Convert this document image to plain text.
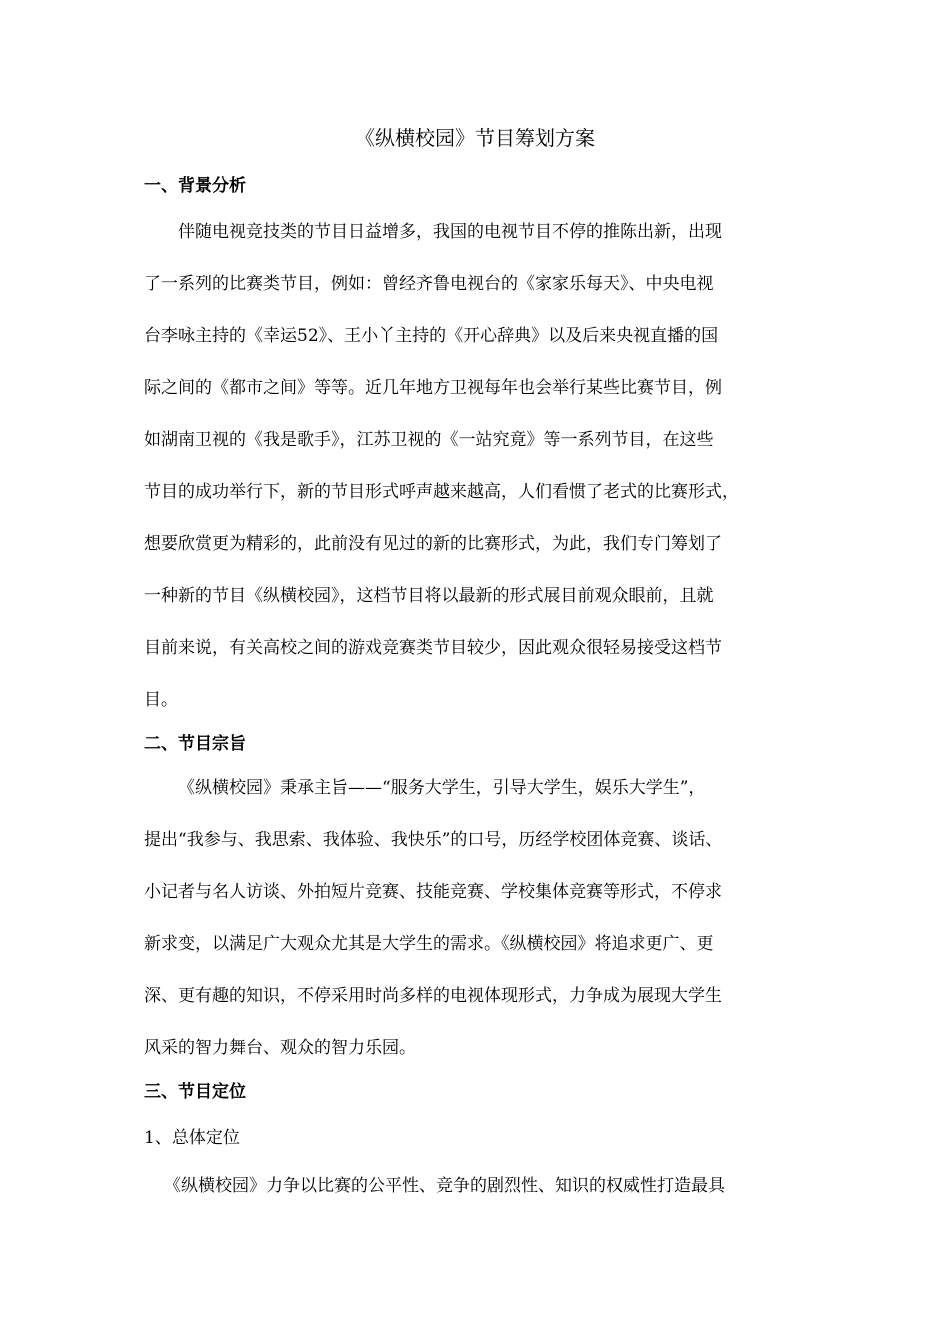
《纵横校园》节目筹划方案
一、背景分析
伴随电视竞技类的节目日益增多，我国的电视节目不停的推陈出新，出现
了一系列的比赛类节目，例如：曾经齐鲁电视台的《家家乐每天》、中央电视
台李咏主持的《幸运52》、王小丫主持的《开心辞典》以及后来央视直播的国
际之间的《都市之间》等等。近几年地方卫视每年也会举行某些比赛节目，例
如湖南卫视的《我是歌手》，江苏卫视的《一站究竟》等一系列节目，在这些
节目的成功举行下，新的节目形式呼声越来越高，人们看惯了老式的比赛形式，
想要欣赏更为精彩的，此前没有见过的新的比赛形式，为此，我们专门筹划了
一种新的节目《纵横校园》，这档节目将以最新的形式展目前观众眼前，且就
目前来说，有关高校之间的游戏竞赛类节目较少，因此观众很轻易接受这档节
目。
二、节目宗旨
《纵横校园》秉承主旨——“服务大学生，引导大学生，娱乐大学生”，
提出“我参与、我思索、我体验、我快乐”的口号，历经学校团体竞赛、谈话、
小记者与名人访谈、外拍短片竞赛、技能竞赛、学校集体竞赛等形式，不停求
新求变，以满足广大观众尤其是大学生的需求。《纵横校园》将追求更广、更
深、更有趣的知识，不停采用时尚多样的电视体现形式，力争成为展现大学生
风采的智力舞台、观众的智力乐园。
三、节目定位

1、总体定位

《纵横校园》力争以比赛的公平性、竞争的剧烈性、知识的权威性打造最具
